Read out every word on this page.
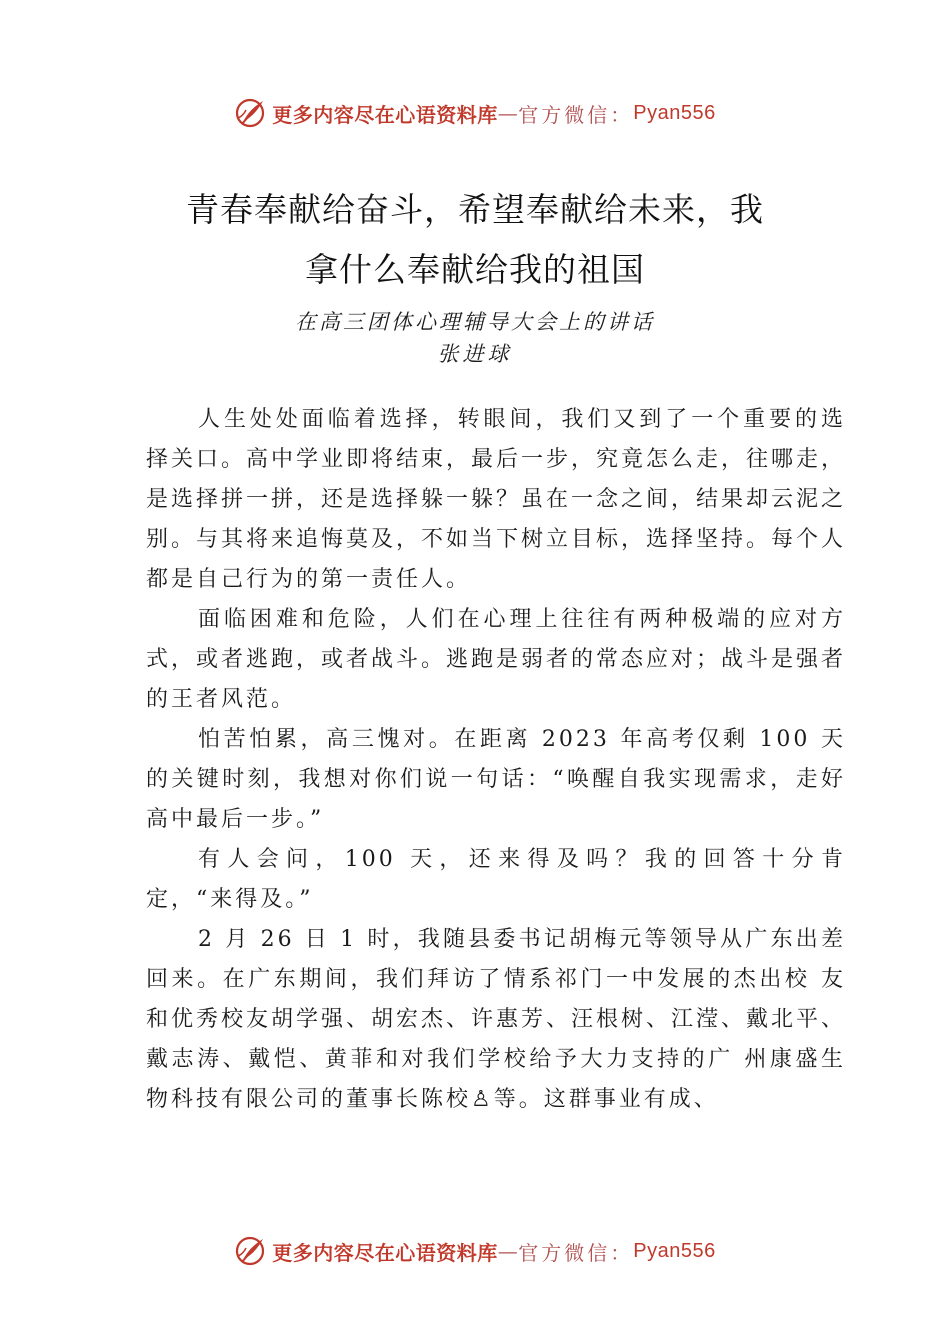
更多内容尽在心语资料库 — 官方微信： Pyan556
青春奉献给奋斗，希望奉献给未来，我
拿什么奉献给我的祖国
在高三团体心理辅导大会上的讲话
张进球

人生处处面临着选择，转眼间，我们又到了一个重要的选择关口。高中学业即将结束，最后一步，究竟怎么走，往哪走，是选择拼一拼，还是选择躲一躲？虽在一念之间，结果却云泥之别。与其将来追悔莫及，不如当下树立目标，选择坚持。每个人都是自己行为的第一责任人。

面临困难和危险，人们在心理上往往有两种极端的应对方式，或者逃跑，或者战斗。逃跑是弱者的常态应对；战斗是强者的王者风范。

怕苦怕累，高三愧对。在距离 2023 年高考仅剩 100 天的关键时刻，我想对你们说一句话：“唤醒自我实现需求，走好高中最后一步。”

有人会问，100 天，还来得及吗？我的回答十分肯定，“来得及。”

2 月 26 日 1 时，我随县委书记胡梅元等领导从广东出差回来。在广东期间，我们拜访了情系祁门一中发展的杰出校 友和优秀校友胡学强、胡宏杰、许惠芳、汪根树、江滢、戴北平、戴志涛、戴恺、黄菲和对我们学校给予大力支持的广 州康盛生物科技有限公司的董事长陈校♙等。这群事业有成、

更多内容尽在心语资料库 — 官方微信： Pyan556
